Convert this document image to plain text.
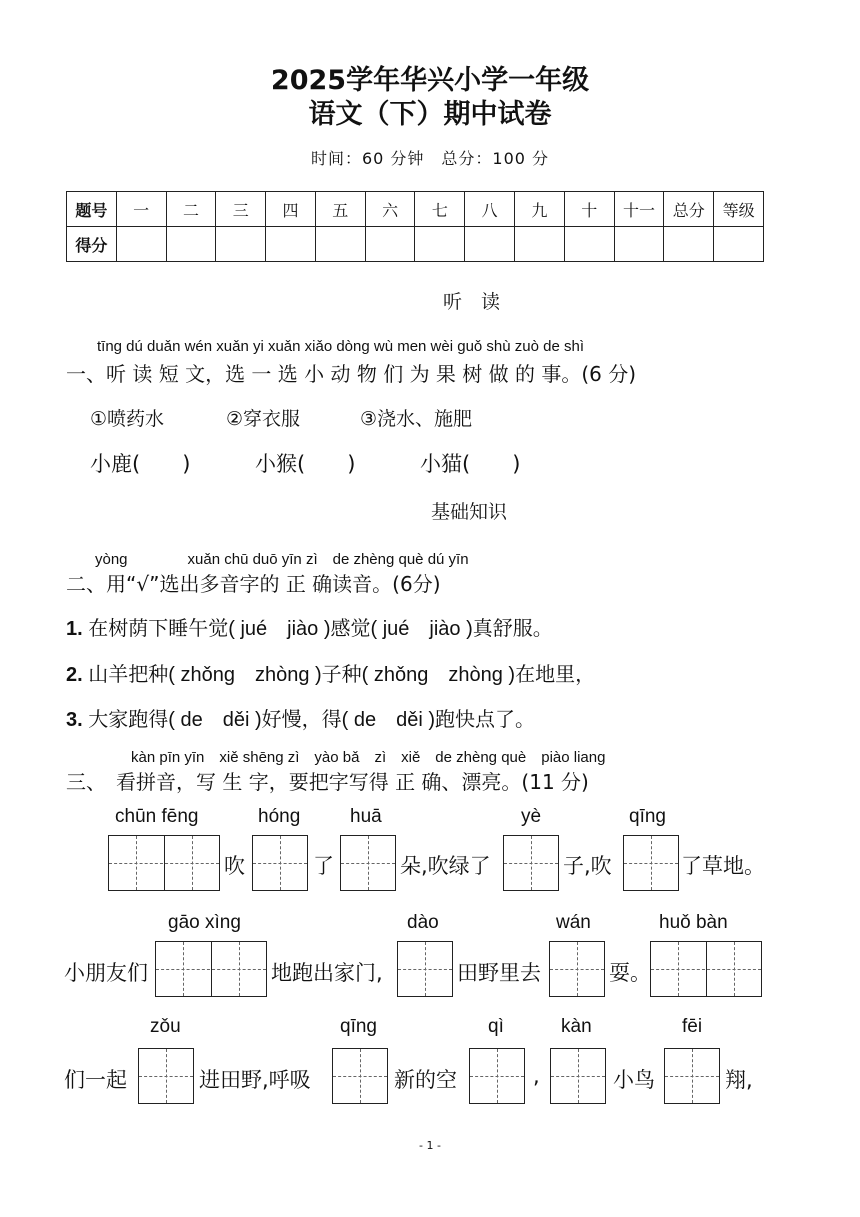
2025学年华兴小学一年级
语文（下）期中试卷
时间：60 分钟　总分：100 分
题号	一	二	三	四	五	六	七	八	九	十	十一	总分	等级
得分													
听　读
tīng dú duǎn wén xuǎn yi xuǎn xiǎo dòng wù men wèi guǒ shù zuò de shì
一、听 读 短 文，选 一 选 小 动 物 们 为 果 树 做 的 事。(6 分)
①喷药水	②穿衣服	③浇水、施肥
小鹿(　　)	小猴(　　)	小猫(　　)
基础知识
yòng　　　　xuǎn chū duō yīn zì　de zhèng què dú yīn
二、用“√”选出多音字的 正 确读音。(6分)
1. 在树荫下睡午觉( jué　jiào )感觉( jué　jiào )真舒服。
2. 山羊把种( zhǒng　zhòng )子种( zhǒng　zhòng )在地里，
3. 大家跑得( de　děi )好慢，得( de　děi )跑快点了。
kàn pīn yīn　xiě shēng zì　yào bǎ　zì　xiě　de zhèng què　piào liang
三、　看拼音，写 生 字，要把字写得 正 确、漂亮。(11 分)
chūn fēng	hóng	huā	yè	qīng
吹	了	朵,吹绿了	子,吹	了草地。
gāo xìng	dào	wán	huǒ bàn
小朋友们	地跑出家门,	田野里去	耍。
zǒu	qīng	qì	kàn	fēi
们一起	进田野,呼吸	新的空	,	小鸟	翔,
- 1 -
